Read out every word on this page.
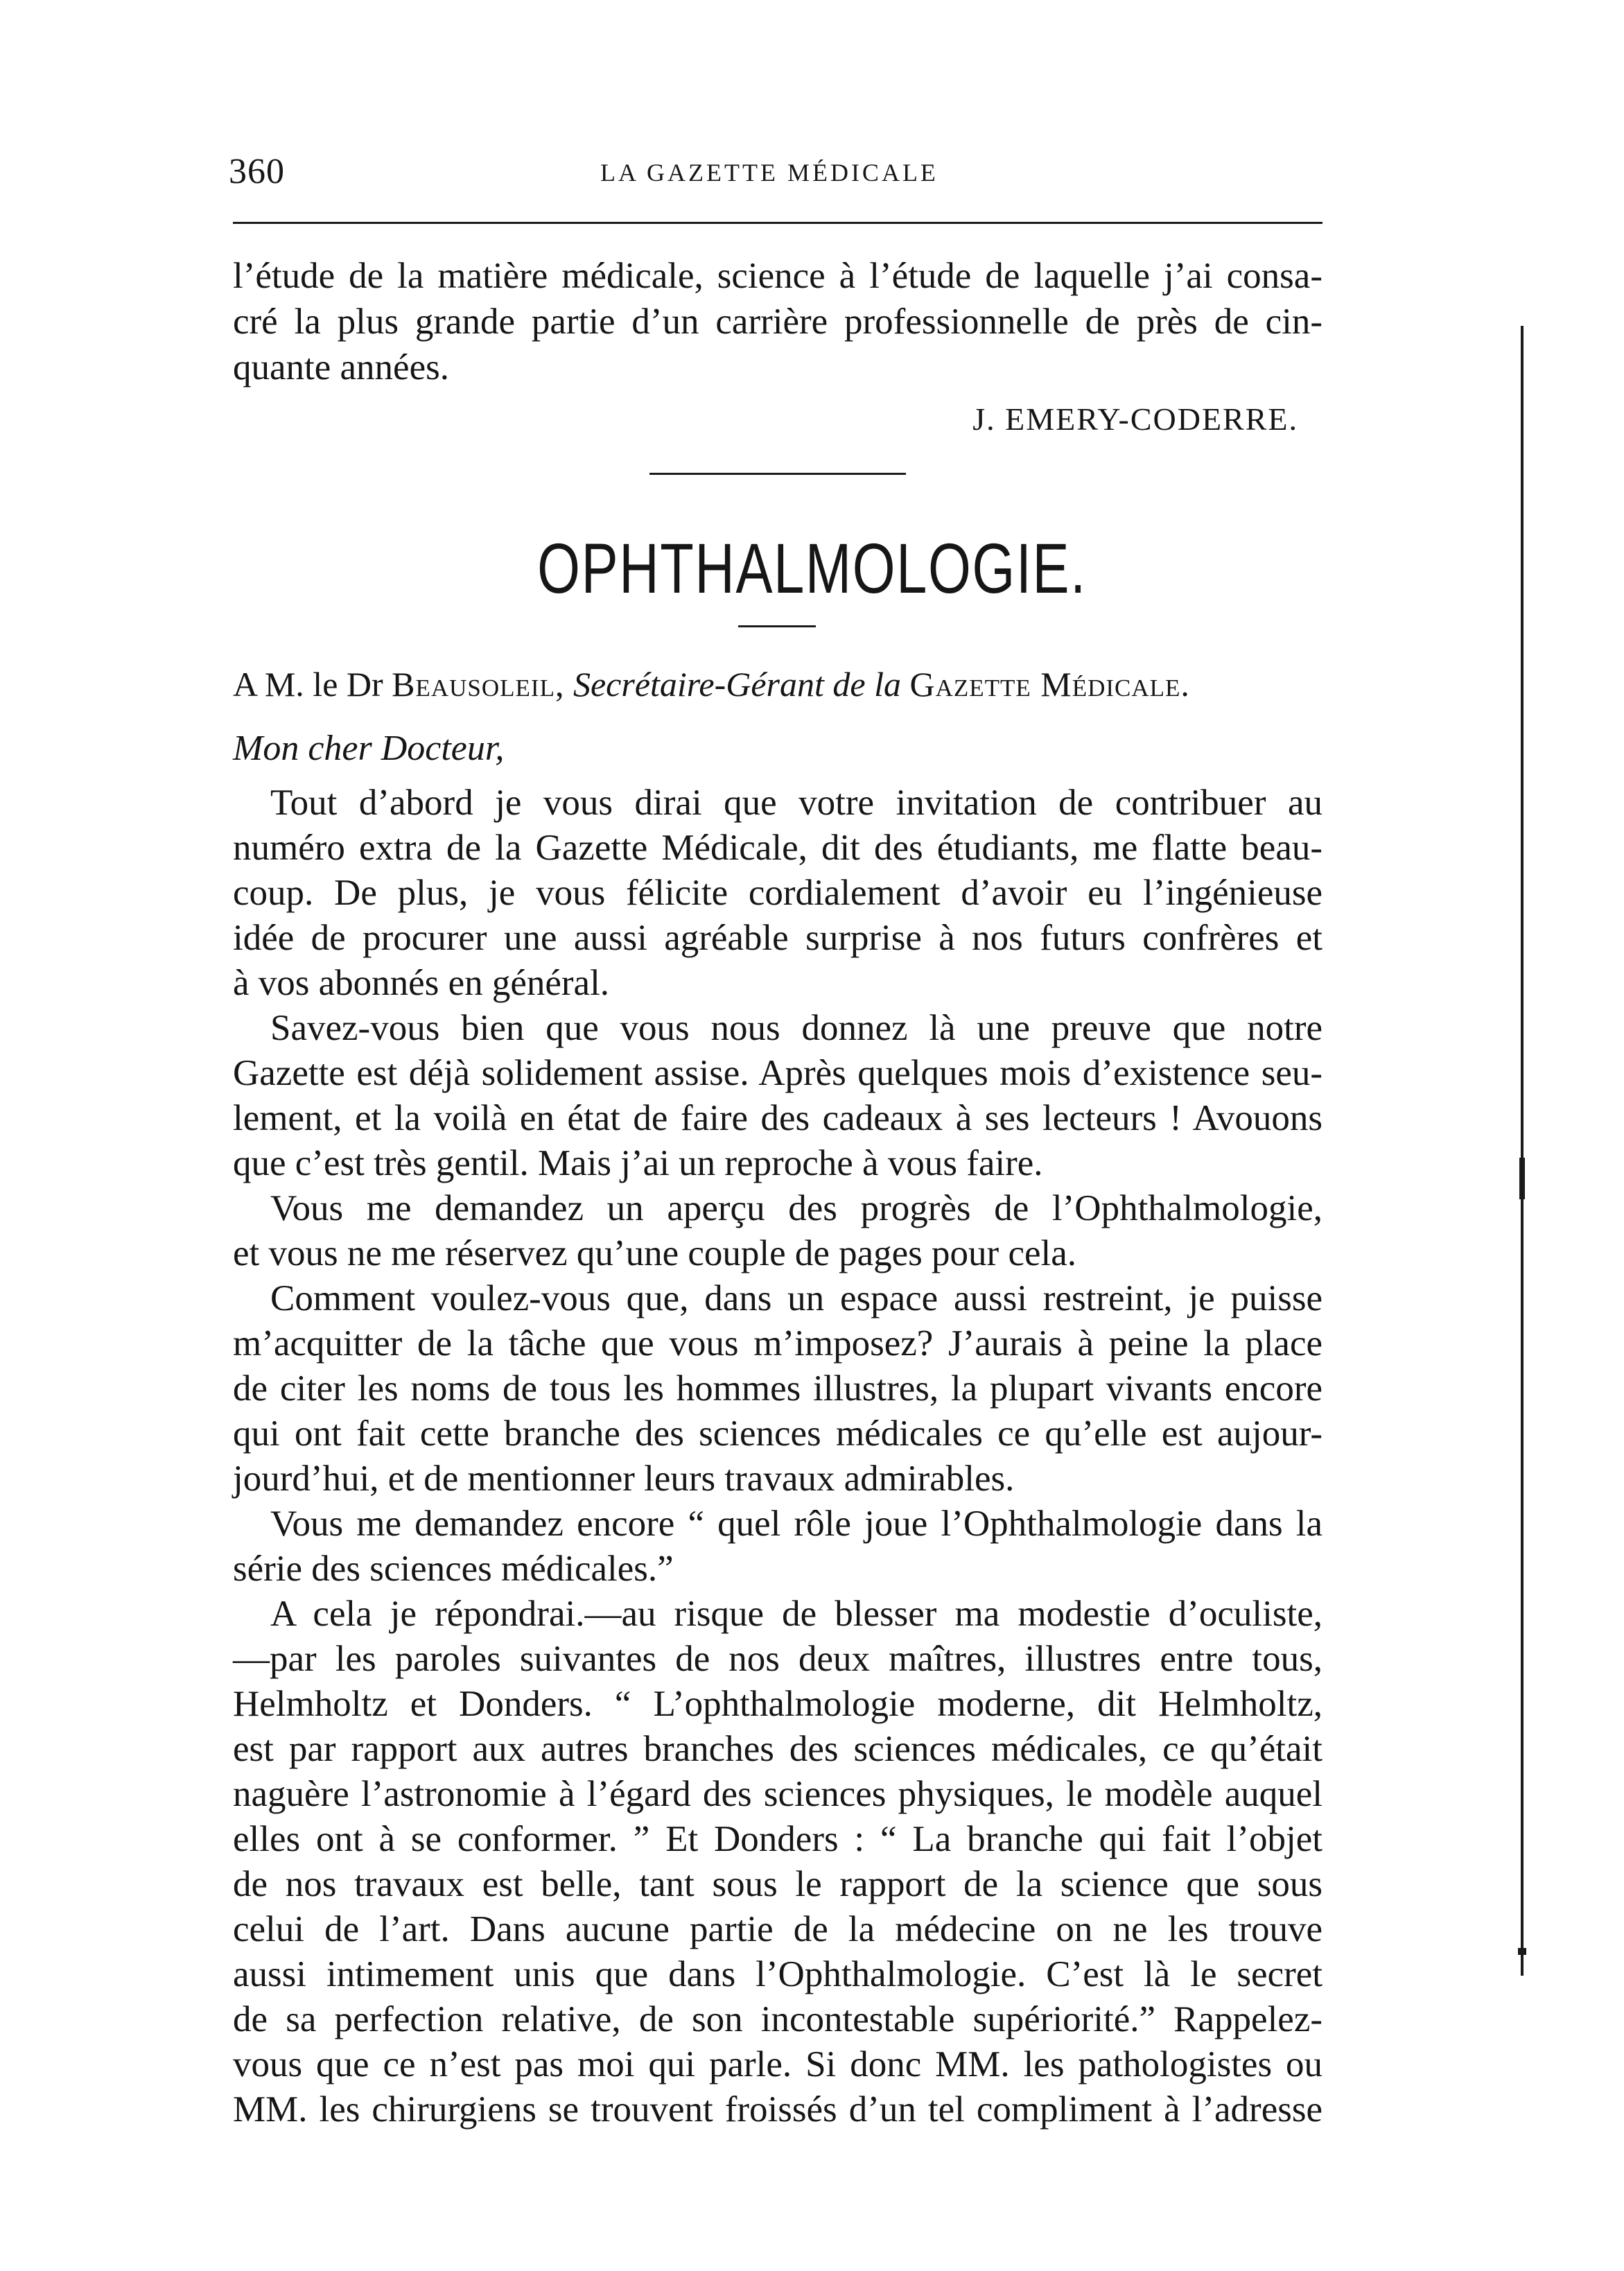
360	LA GAZETTE MÉDICALE
l’étude de la matière médicale, science à l’étude de laquelle j’ai consa-
cré la plus grande partie d’un carrière professionnelle de près de cin-
quante années.
J. EMERY-CODERRE.
OPHTHALMOLOGIE.
A M. le Dr Beausoleil, Secrétaire-Gérant de la Gazette Médicale.
Mon cher Docteur,
Tout d’abord je vous dirai que votre invitation de contribuer au
numéro extra de la Gazette Médicale, dit des étudiants, me flatte beau-
coup. De plus, je vous félicite cordialement d’avoir eu l’ingénieuse
idée de procurer une aussi agréable surprise à nos futurs confrères et
à vos abonnés en général.
Savez-vous bien que vous nous donnez là une preuve que notre
Gazette est déjà solidement assise. Après quelques mois d’existence seu-
lement, et la voilà en état de faire des cadeaux à ses lecteurs ! Avouons
que c’est très gentil. Mais j’ai un reproche à vous faire.
Vous me demandez un aperçu des progrès de l’Ophthalmologie,
et vous ne me réservez qu’une couple de pages pour cela.
Comment voulez-vous que, dans un espace aussi restreint, je puisse
m’acquitter de la tâche que vous m’imposez? J’aurais à peine la place
de citer les noms de tous les hommes illustres, la plupart vivants encore
qui ont fait cette branche des sciences médicales ce qu’elle est aujour-
jourd’hui, et de mentionner leurs travaux admirables.
Vous me demandez encore “ quel rôle joue l’Ophthalmologie dans la
série des sciences médicales.”
A cela je répondrai.—au risque de blesser ma modestie d’oculiste,
—par les paroles suivantes de nos deux maîtres, illustres entre tous,
Helmholtz et Donders. “ L’ophthalmologie moderne, dit Helmholtz,
est par rapport aux autres branches des sciences médicales, ce qu’était
naguère l’astronomie à l’égard des sciences physiques, le modèle auquel
elles ont à se conformer. ” Et Donders : “ La branche qui fait l’objet
de nos travaux est belle, tant sous le rapport de la science que sous
celui de l’art. Dans aucune partie de la médecine on ne les trouve
aussi intimement unis que dans l’Ophthalmologie. C’est là le secret
de sa perfection relative, de son incontestable supériorité.” Rappelez-
vous que ce n’est pas moi qui parle. Si donc MM. les pathologistes ou
MM. les chirurgiens se trouvent froissés d’un tel compliment à l’adresse
